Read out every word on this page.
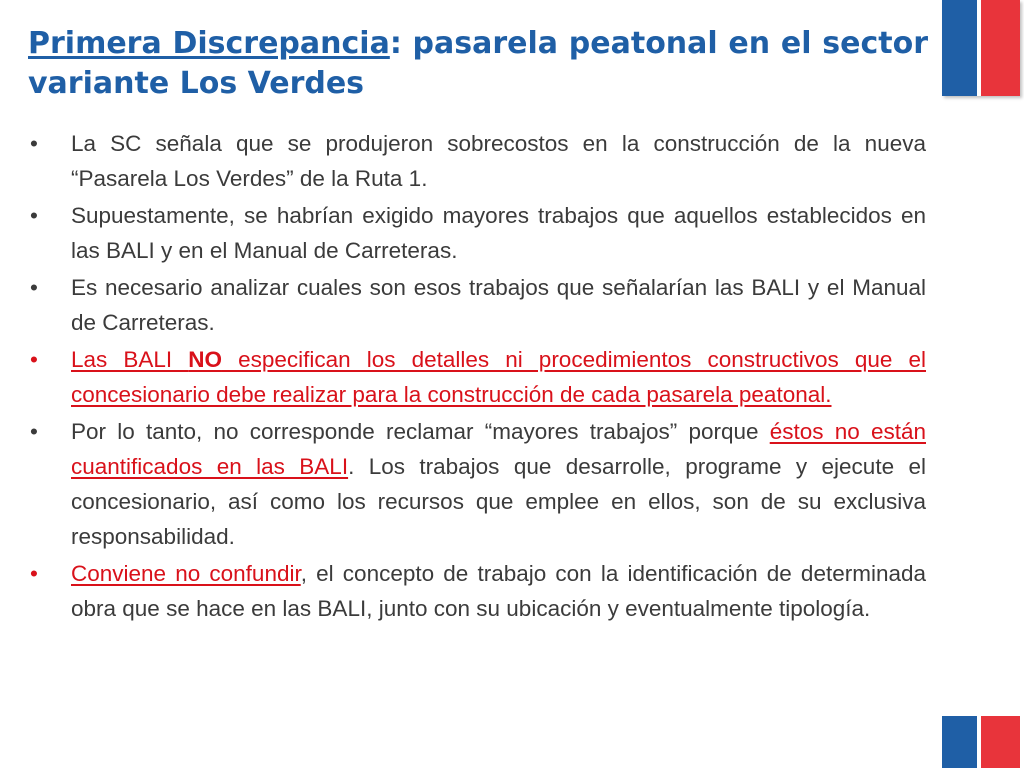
Primera Discrepancia: pasarela peatonal en el sector variante Los Verdes
•	La SC señala que se produjeron sobrecostos en la construcción de la nueva “Pasarela Los Verdes” de la Ruta 1.
•	Supuestamente, se habrían exigido mayores trabajos que aquellos establecidos en las BALI y en el Manual de Carreteras.
•	Es necesario analizar cuales son esos trabajos que señalarían las BALI y el Manual de Carreteras.
•	Las BALI NO especifican los detalles ni procedimientos constructivos que el concesionario debe realizar para la construcción de cada pasarela peatonal.
•	Por lo tanto, no corresponde reclamar “mayores trabajos” porque éstos no están cuantificados en las BALI. Los trabajos que desarrolle, programe y ejecute el concesionario, así como los recursos que emplee en ellos, son de su exclusiva responsabilidad.
•	Conviene no confundir, el concepto de trabajo con la identificación de determinada obra que se hace en las BALI, junto con su ubicación y eventualmente tipología.
